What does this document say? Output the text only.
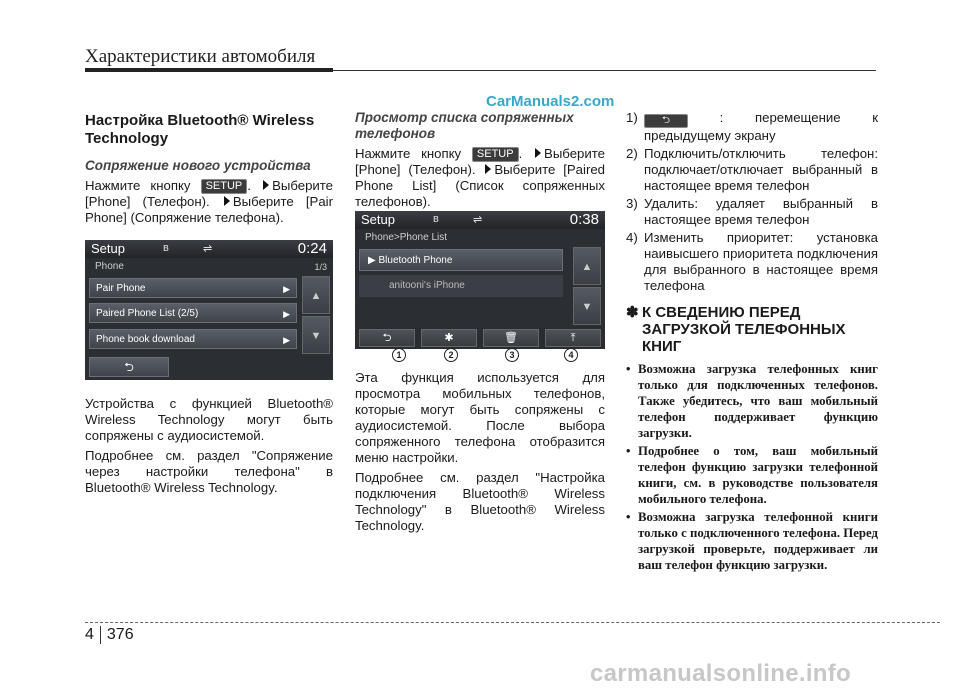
Характеристики автомобиля
CarManuals2.com
Настройка Bluetooth® Wireless Technology
Сопряжение нового устройства

Нажмите кнопку SETUP . Выберите [Phone] (Телефон). Выберите [Pair Phone] (Сопряжение телефона).

Setup	ʙ	⇌	0:24
Phone	1/3
Pair Phone	▶
Paired Phone List (2/5)	▶
Phone book download	▶
▲
▼
⮌

Устройства с функцией Bluetooth® Wireless Technology могут быть сопряжены с аудиосистемой.

Подробнее см. раздел "Сопряжение через настройки телефона" в Bluetooth® Wireless Technology.

Просмотр списка сопряженных телефонов

Нажмите кнопку SETUP . Выберите [Phone] (Телефон). Выберите [Paired Phone List] (Список сопряженных телефонов).

Setup	ʙ	⇌	0:38
Phone>Phone List
▶ Bluetooth Phone
anitooni's iPhone
▲
▼
⮌	✱	🗑	⤒
1	2	3	4

Эта функция используется для просмотра мобильных телефонов, которые могут быть сопряжены с аудиосистемой. После выбора сопряженного телефона отобразится меню настройки.

Подробнее см. раздел "Настройка подключения Bluetooth® Wireless Technology" в Bluetooth® Wireless Technology.

1) ⮌	: перемещение к предыдущему экрану
2) Подключить/отключить телефон: подключает/отключает выбранный в настоящее время телефон
3) Удалить: удаляет выбранный в настоящее время телефон
4) Изменить приоритет: установка наивысшего приоритета подключения для выбранного в настоящее время телефона
✽ К СВЕДЕНИЮ ПЕРЕД ЗАГРУЗКОЙ ТЕЛЕФОННЫХ КНИГ
• Возможна загрузка телефонных книг только для подключенных телефонов. Также убедитесь, что ваш мобильный телефон поддерживает функцию загрузки.
• Подробнее о том, ваш мобильный телефон функцию загрузки телефонной книги, см. в руководстве пользователя мобильного телефона.
• Возможна загрузка телефонной книги только с подключенного телефона. Перед загрузкой проверьте, поддерживает ли ваш телефон функцию загрузки.
4 376
carmanualsonline.info
